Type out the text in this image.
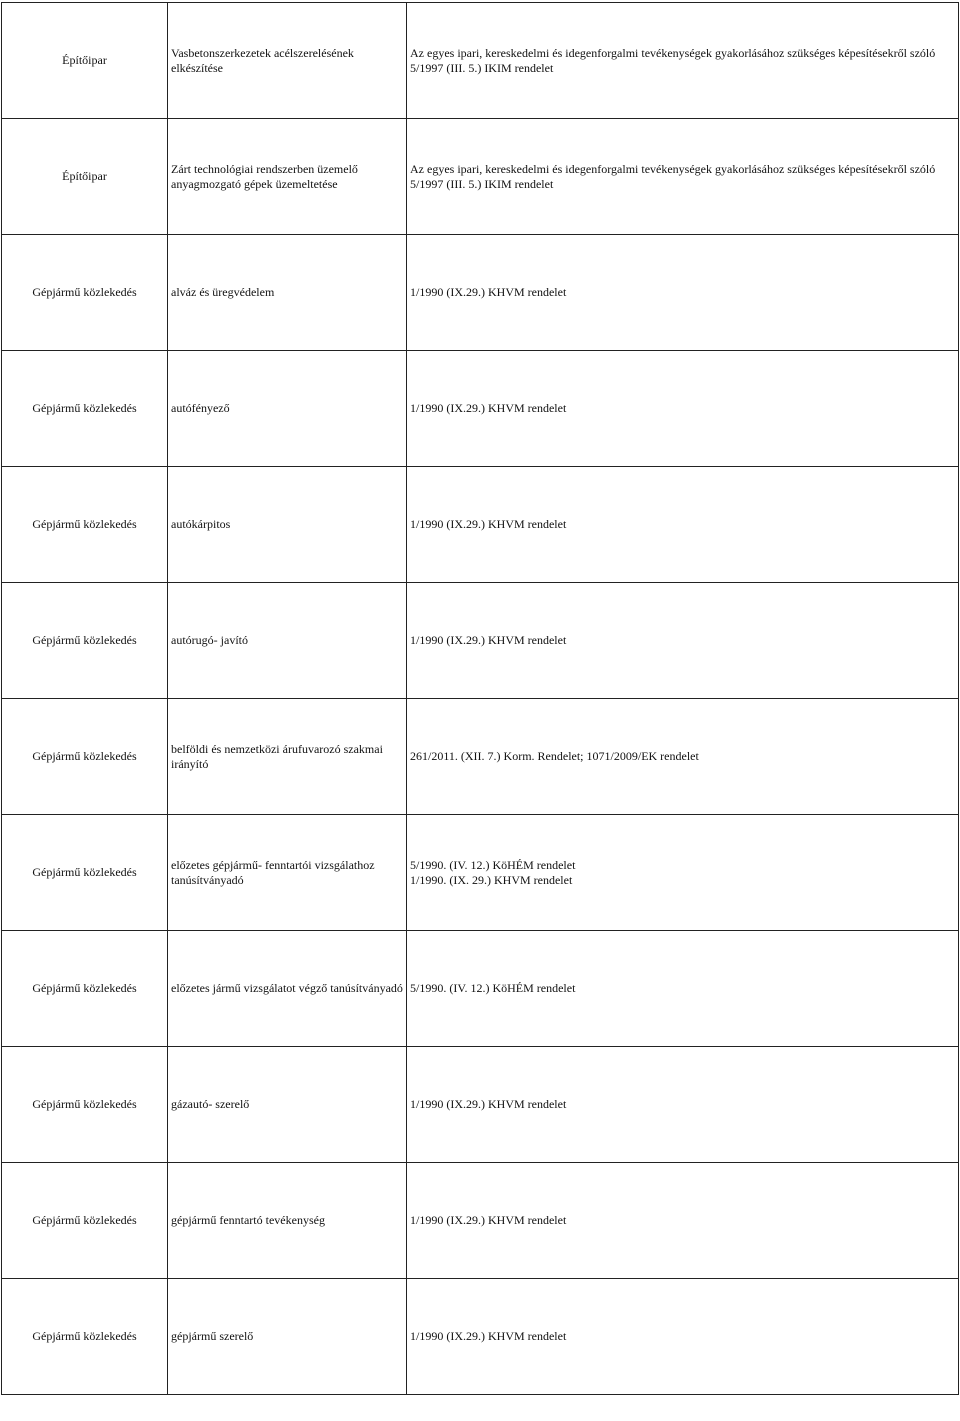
Építőipar	Vasbetonszerkezetek acélszerelésének elkészítése	Az egyes ipari, kereskedelmi és idegenforgalmi tevékenységek gyakorlásához szükséges képesítésekről szóló 5/1997 (III. 5.) IKIM rendelet

Építőipar	Zárt technológiai rendszerben üzemelő anyagmozgató gépek üzemeltetése	Az egyes ipari, kereskedelmi és idegenforgalmi tevékenységek gyakorlásához szükséges képesítésekről szóló 5/1997 (III. 5.) IKIM rendelet

Gépjármű közlekedés	alváz és üregvédelem	1/1990 (IX.29.) KHVM rendelet

Gépjármű közlekedés	autófényező	1/1990 (IX.29.) KHVM rendelet

Gépjármű közlekedés	autókárpitos	1/1990 (IX.29.) KHVM rendelet

Gépjármű közlekedés	autórugó- javító	1/1990 (IX.29.) KHVM rendelet

Gépjármű közlekedés	belföldi és nemzetközi árufuvarozó szakmai irányító	261/2011. (XII. 7.) Korm. Rendelet; 1071/2009/EK rendelet

Gépjármű közlekedés	előzetes gépjármű- fenntartói vizsgálathoz tanúsítványadó	5/1990. (IV. 12.) KöHÉM rendelet
1/1990. (IX. 29.) KHVM rendelet

Gépjármű közlekedés	előzetes jármű vizsgálatot végző tanúsítványadó	5/1990. (IV. 12.) KöHÉM rendelet

Gépjármű közlekedés	gázautó- szerelő	1/1990 (IX.29.) KHVM rendelet

Gépjármű közlekedés	gépjármű fenntartó tevékenység	1/1990 (IX.29.) KHVM rendelet

Gépjármű közlekedés	gépjármű szerelő	1/1990 (IX.29.) KHVM rendelet
